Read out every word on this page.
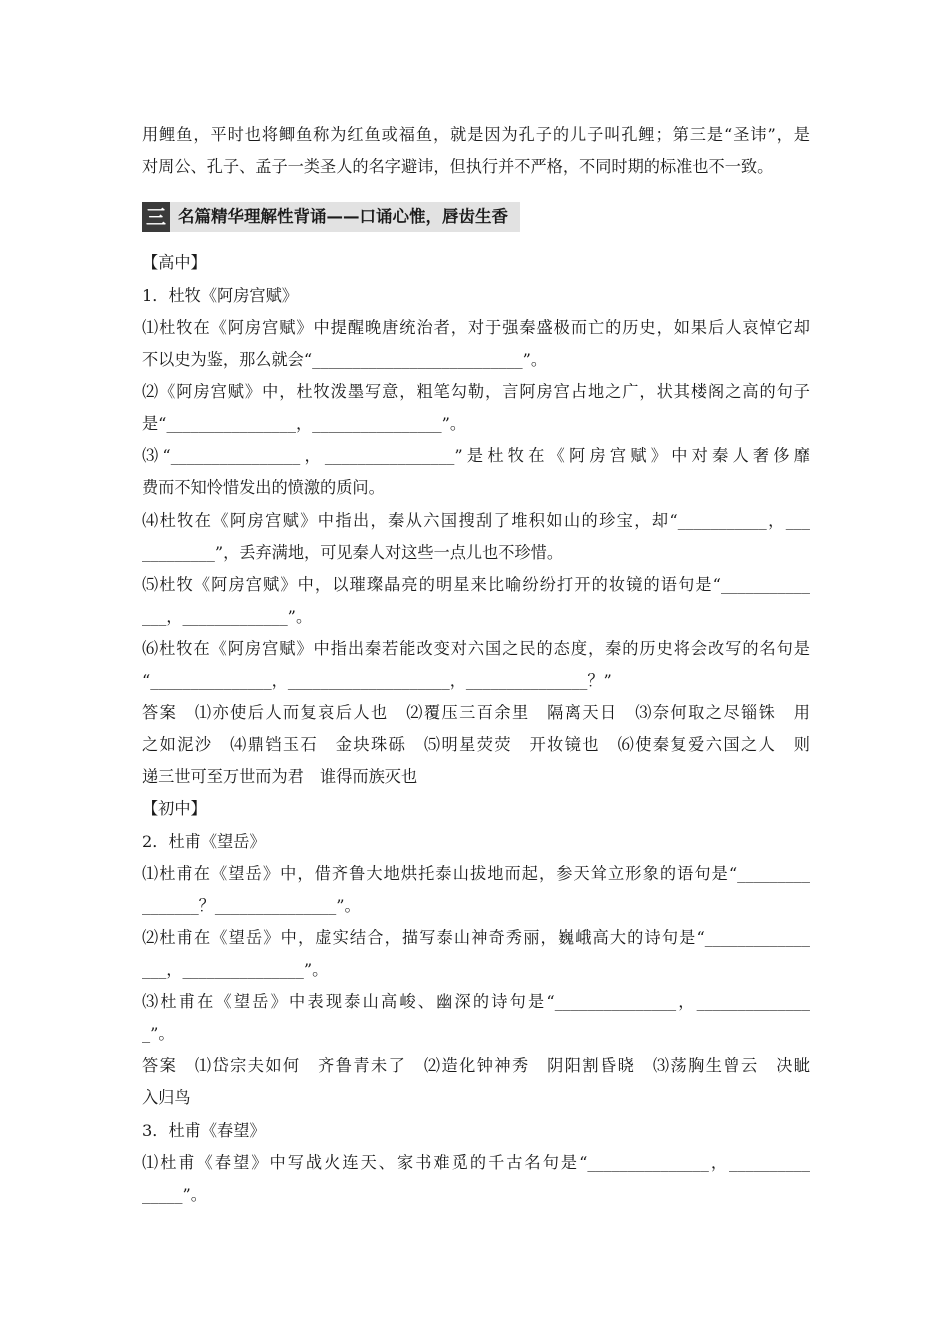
用鲤鱼，平时也将鲫鱼称为红鱼或福鱼，就是因为孔子的儿子叫孔鲤；第三是“圣讳”，是
对周公、孔子、孟子一类圣人的名字避讳，但执行并不严格，不同时期的标准也不一致。
三 名篇精华理解性背诵——口诵心惟，唇齿生香
【高中】
1．杜牧《阿房宫赋》
⑴杜牧在《阿房宫赋》中提醒晚唐统治者，对于强秦盛极而亡的历史，如果后人哀悼它却
不以史为鉴，那么就会“__________________________”。
⑵《阿房宫赋》中，杜牧泼墨写意，粗笔勾勒，言阿房宫占地之广，状其楼阁之高的句子
是“________________，________________”。
⑶“________________，________________”是杜牧在《阿房宫赋》中对秦人奢侈靡
费而不知怜惜发出的愤激的质问。
⑷杜牧在《阿房宫赋》中指出，秦从六国搜刮了堆积如山的珍宝，却“___________，___
_________”，丢弃满地，可见秦人对这些一点儿也不珍惜。
⑸杜牧《阿房宫赋》中，以璀璨晶亮的明星来比喻纷纷打开的妆镜的语句是“___________
___，_____________”。
⑹杜牧在《阿房宫赋》中指出秦若能改变对六国之民的态度，秦的历史将会改写的名句是
“_______________，____________________，_______________？”
答案　⑴亦使后人而复哀后人也　⑵覆压三百余里　隔离天日　⑶奈何取之尽锱铢　用
之如泥沙　⑷鼎铛玉石　金块珠砾　⑸明星荧荧　开妆镜也　⑹使秦复爱六国之人　则
递三世可至万世而为君　谁得而族灭也
【初中】
2．杜甫《望岳》
⑴杜甫在《望岳》中，借齐鲁大地烘托泰山拔地而起，参天耸立形象的语句是“_________
_______？_______________”。
⑵杜甫在《望岳》中，虚实结合，描写泰山神奇秀丽，巍峨高大的诗句是“_____________
___，_______________”。
⑶杜甫在《望岳》中表现泰山高峻、幽深的诗句是“_______________，______________
_”。
答案　⑴岱宗夫如何　齐鲁青未了　⑵造化钟神秀　阴阳割昏晓　⑶荡胸生曾云　决眦
入归鸟
3．杜甫《春望》
⑴杜甫《春望》中写战火连天、家书难觅的千古名句是“_______________，__________
_____”。
